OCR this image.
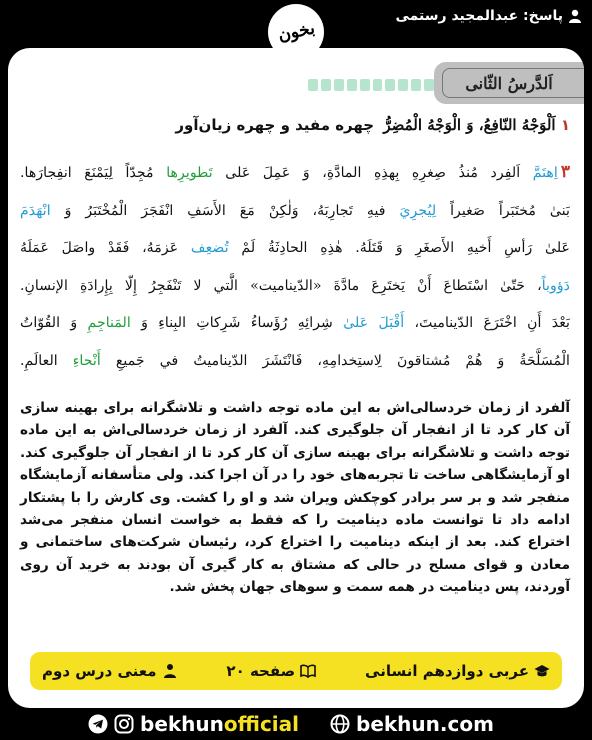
پاسخ: عبدالمجید رستمی
بخون
اَلدَّرسُ الثّانی
۱ اَلْوَجْهُ النّافِعُ، وَ الْوَجْهُ الْمُضِرُّ چهره مفید و چهره زیان‌آور

۳اِهتَمَّ اَلفِرد مُنذُ صِغرِهِ بِهذِهِ المادَّةِ، وَ عَمِلَ عَلی تَطويرِها مُجِدّاً لِيَمْنَعَ انفِجارَها.

بَنیٰ مُختَبَراً صَغیراً لِیُجرِيَ فیهِ تَجارِبَهُ، وَلٰكِنْ مَعَ الأَسَفِ انْفَجَرَ الْمُخْتَبَرُ وَ انْهَدَمَ

عَلیٰ رَأسِ أَخیهِ الأَصغَرِ وَ قَتَلَهُ. هٰذِهِ الحادِثَةُ لَمْ تُضعِف عَزمَهُ، فَقَدْ واصَلَ عَمَلَهُ

دَؤوباً، حَتّیٰ اسْتَطاعَ أَنْ یَختَرِعَ مادَّةَ «الدّینامیت» الَّتي لا تَنْفَجِرُ إِلّا بِإِرادَةِ الإنسانِ.

بَعْدَ أَنِ اخْتَرَعَ الدّینامیتَ، أَقْبَلَ عَلیٰ شِرائِهِ رُؤَساءُ شَرِكاتِ البِناءِ وَ المَناجِمِ وَ القُوّاتُ

الْمُسَلَّحَةُ وَ هُمْ مُشتاقونَ لِاستِخدامِهِ، فَانْتَشَرَ الدّینامیتُ في جَمیعِ أَنْحاءِ العالَمِ.

آلفرد از زمان خردسالی‌اش به این ماده توجه داشت و تلاشگرانه برای بهینه سازی آن کار کرد تا از انفجار آن جلوگیری کند. آلفرد از زمان خردسالی‌اش به این ماده توجه داشت و تلاشگرانه برای بهینه سازی آن کار کرد تا از انفجار آن جلوگیری کند. او آزمایشگاهی ساخت تا تجربه‌های خود را در آن اجرا کند. ولی متأسفانه آزمایشگاه منفجر شد و بر سر برادر کوچکش ویران شد و او را کشت. وی کارش را با پشتکار ادامه داد تا توانست ماده دینامیت را که فقط به خواست انسان منفجر می‌شد اختراع کند. بعد از اینکه دینامیت را اختراع کرد، رئیسان شرکت‌های ساختمانی و معادن و قوای مسلح در حالی که مشتاق به کار گیری آن بودند به خرید آن روی آوردند، پس دینامیت در همه سمت و سوهای جهان پخش شد.
عربی دوازدهم انسانی
صفحه ۲۰
معنی درس دوم
bekhunofficial	bekhun.com
